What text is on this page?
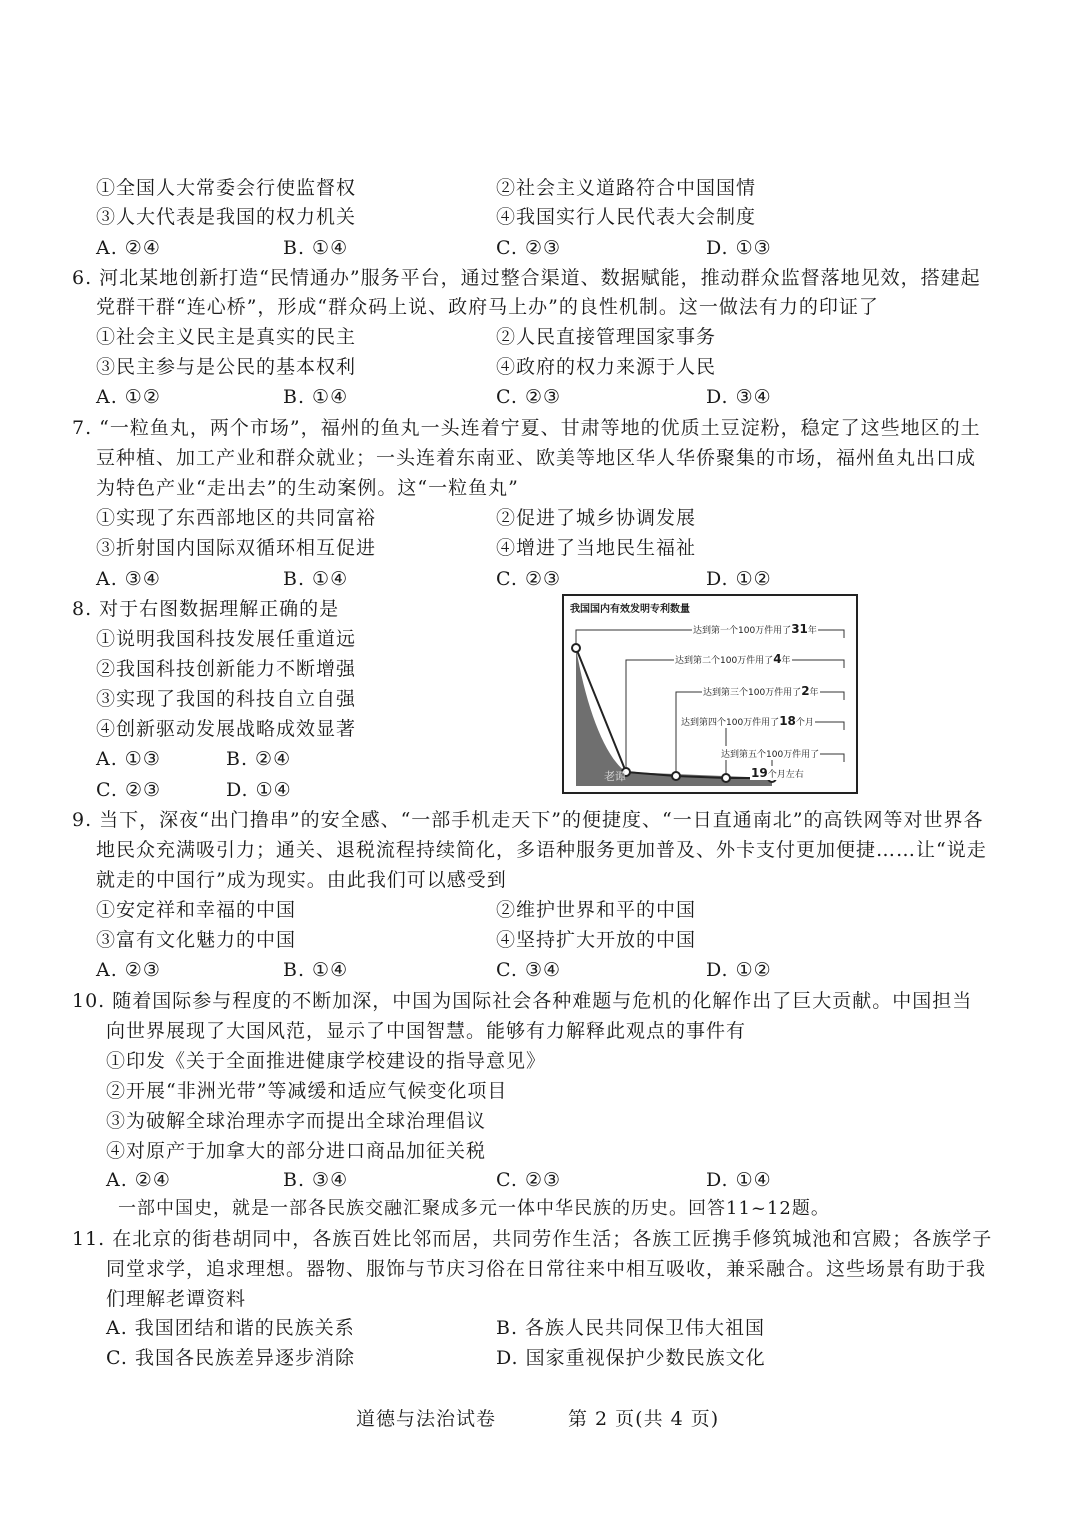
①全国人大常委会行使监督权	②社会主义道路符合中国国情
③人大代表是我国的权力机关	④我国实行人民代表大会制度
A. ②④	B. ①④	C. ②③	D. ①③
6. 河北某地创新打造“民情通办”服务平台，通过整合渠道、数据赋能，推动群众监督落地见效，搭建起
党群干群“连心桥”，形成“群众码上说、政府马上办”的良性机制。这一做法有力的印证了
①社会主义民主是真实的民主	②人民直接管理国家事务
③民主参与是公民的基本权利	④政府的权力来源于人民
A. ①②	B. ①④	C. ②③	D. ③④
7. “一粒鱼丸，两个市场”，福州的鱼丸一头连着宁夏、甘肃等地的优质土豆淀粉，稳定了这些地区的土
豆种植、加工产业和群众就业；一头连着东南亚、欧美等地区华人华侨聚集的市场，福州鱼丸出口成
为特色产业“走出去”的生动案例。这“一粒鱼丸”
①实现了东西部地区的共同富裕	②促进了城乡协调发展
③折射国内国际双循环相互促进	④增进了当地民生福祉
A. ③④	B. ①④	C. ②③	D. ①②
8. 对于右图数据理解正确的是
①说明我国科技发展任重道远
②我国科技创新能力不断增强
③实现了我国的科技自立自强
④创新驱动发展战略成效显著
A. ①③	B. ②④
C. ②③	D. ①④
9. 当下，深夜“出门撸串”的安全感、“一部手机走天下”的便捷度、“一日直通南北”的高铁网等对世界各
地民众充满吸引力；通关、退税流程持续简化，多语种服务更加普及、外卡支付更加便捷……让“说走
就走的中国行”成为现实。由此我们可以感受到
①安定祥和幸福的中国	②维护世界和平的中国
③富有文化魅力的中国	④坚持扩大开放的中国
A. ②③	B. ①④	C. ③④	D. ①②
10. 随着国际参与程度的不断加深，中国为国际社会各种难题与危机的化解作出了巨大贡献。中国担当
向世界展现了大国风范，显示了中国智慧。能够有力解释此观点的事件有
①印发《关于全面推进健康学校建设的指导意见》
②开展“非洲光带”等减缓和适应气候变化项目
③为破解全球治理赤字而提出全球治理倡议
④对原产于加拿大的部分进口商品加征关税
A. ②④	B. ③④	C. ②③	D. ①④
一部中国史，就是一部各民族交融汇聚成多元一体中华民族的历史。回答11~12题。
11. 在北京的街巷胡同中，各族百姓比邻而居，共同劳作生活；各族工匠携手修筑城池和宫殿；各族学子
同堂求学，追求理想。器物、服饰与节庆习俗在日常往来中相互吸收，兼采融合。这些场景有助于我
们理解老谭资料
A. 我国团结和谐的民族关系	B. 各族人民共同保卫伟大祖国
C. 我国各民族差异逐步消除	D. 国家重视保护少数民族文化
我国国内有效发明专利数量
达到第一个100万件用了31年
达到第二个100万件用了4年
达到第三个100万件用了2年
达到第四个100万件用了18个月
达到第五个100万件用了
19个月左右
老谭
道德与法治试卷	第 2 页(共 4 页)
